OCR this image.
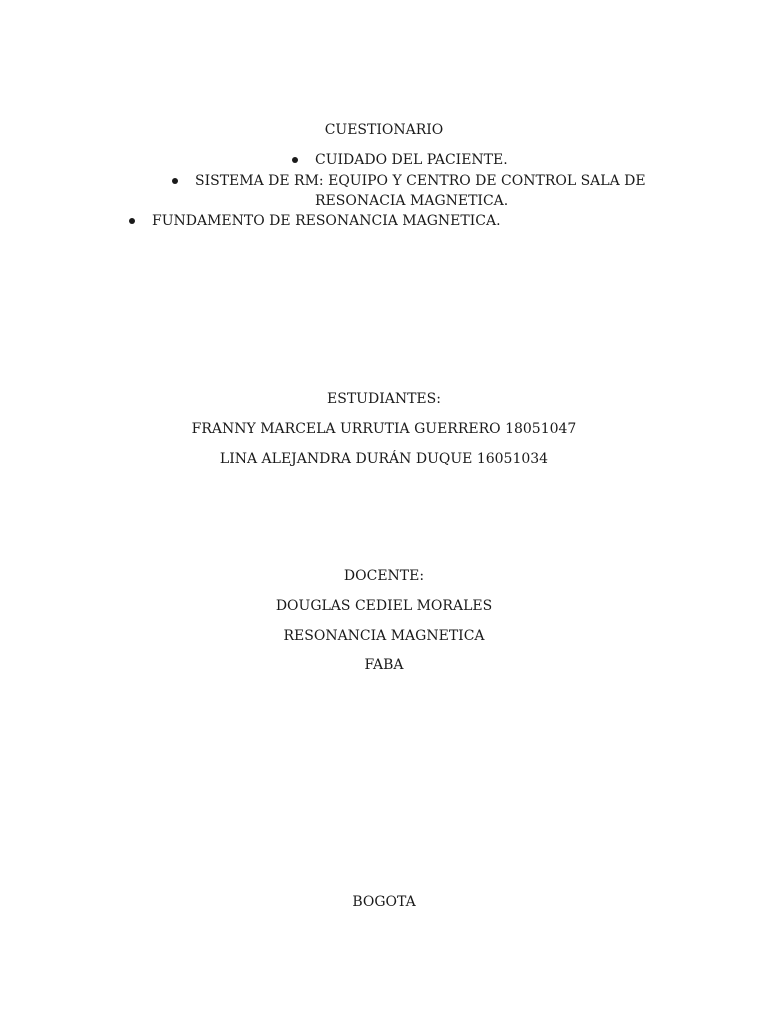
CUESTIONARIO
CUIDADO DEL PACIENTE.
SISTEMA DE RM: EQUIPO Y CENTRO DE CONTROL SALA DE
RESONACIA MAGNETICA.
FUNDAMENTO DE RESONANCIA MAGNETICA.
ESTUDIANTES:
FRANNY MARCELA URRUTIA GUERRERO 18051047
LINA ALEJANDRA DURÁN DUQUE 16051034
DOCENTE:
DOUGLAS CEDIEL MORALES
RESONANCIA MAGNETICA
FABA
BOGOTA
